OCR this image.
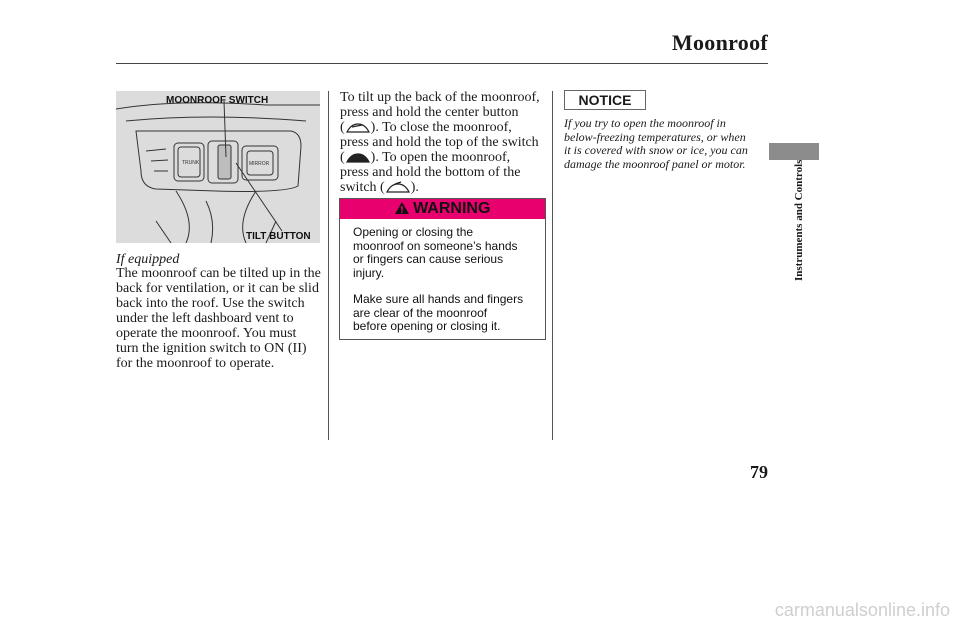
Moonroof
Instruments and Controls
TRUNK	MIRROR
MOONROOF SWITCH
TILT BUTTON
If equipped
The moonroof can be tilted up in the
back for ventilation, or it can be slid
back into the roof. Use the switch
under the left dashboard vent to
operate the moonroof. You must
turn the ignition switch to ON (II)
for the moonroof to operate.
To tilt up the back of the moonroof,
press and hold the center button
( ). To close the moonroof,
press and hold the top of the switch
( ). To open the moonroof,
press and hold the bottom of the
switch ( ).
WARNING
Opening or closing the
moonroof on someone’s hands
or fingers can cause serious
injury.
Make sure all hands and fingers
are clear of the moonroof
before opening or closing it.
NOTICE
If you try to open the moonroof in
below-freezing temperatures, or when
it is covered with snow or ice, you can
damage the moonroof panel or motor.
79
carmanualsonline.info
